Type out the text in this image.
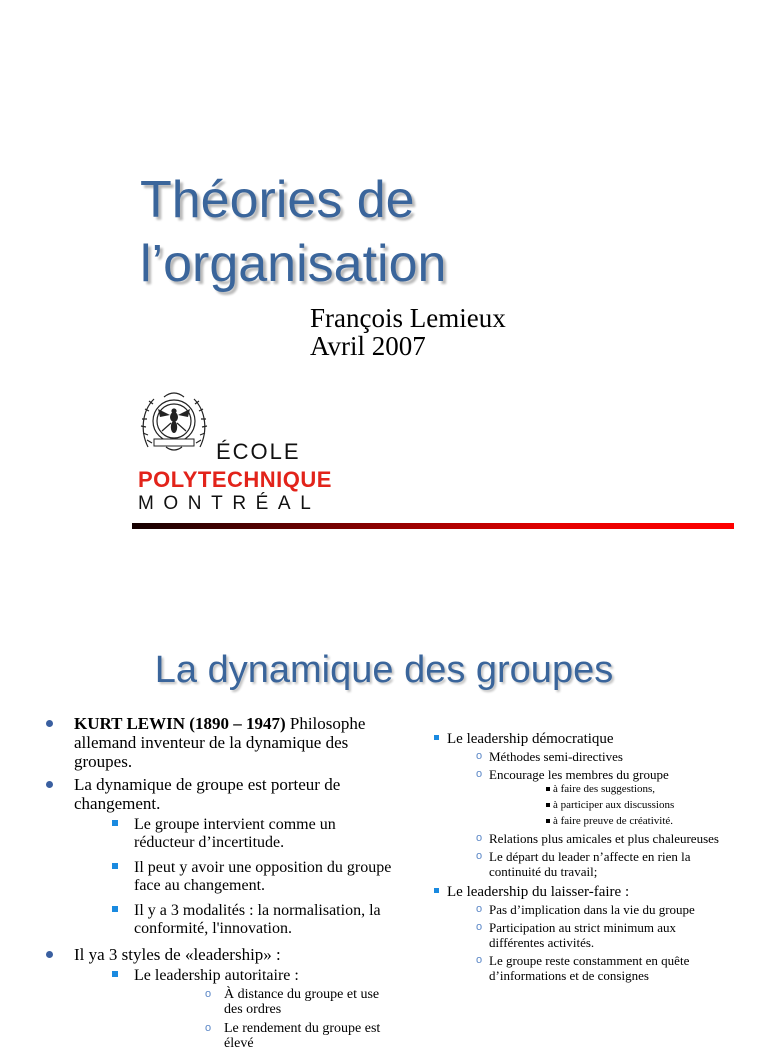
Théories de
l’organisation
François Lemieux
Avril 2007
ÉCOLE
POLYTECHNIQUE
MONTRÉAL
La dynamique des groupes
KURT LEWIN (1890 – 1947) Philosophe allemand inventeur de la dynamique des groupes.
La dynamique de groupe est porteur de changement.
Le groupe intervient comme un réducteur d’incertitude.
Il peut y avoir une opposition du groupe face au changement.
Il y a 3 modalités : la normalisation, la conformité, l'innovation.
Il ya 3 styles de «leadership» :
Le leadership autoritaire :
o À distance du groupe et use des ordres
o Le rendement du groupe est élevé
Le leadership démocratique
o Méthodes semi-directives
o Encourage les membres du groupe
à faire des suggestions,
à participer aux discussions
à faire preuve de créativité.
o Relations plus amicales et plus chaleureuses
o Le départ du leader n’affecte en rien la continuité du travail;
Le leadership du laisser-faire :
o Pas d’implication dans la vie du groupe
o Participation au strict minimum aux différentes activités.
o Le groupe reste constamment en quête d’informations et de consignes
